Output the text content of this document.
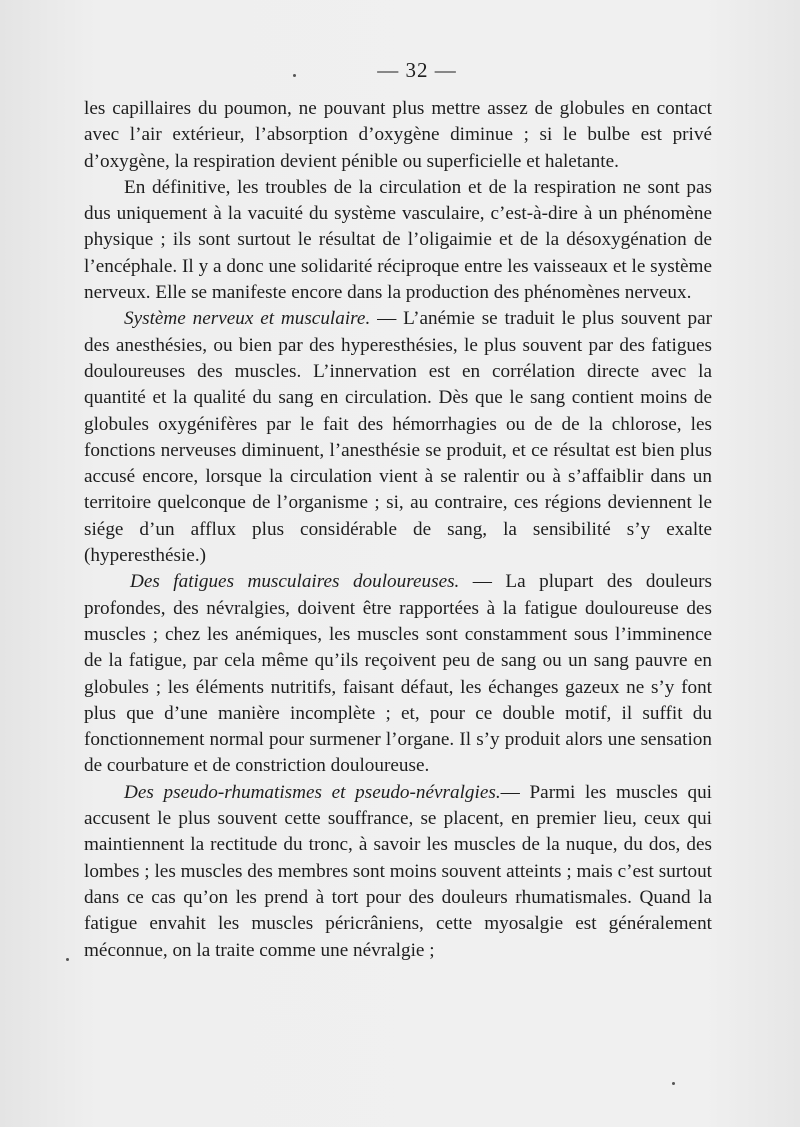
— 32 —

les capillaires du poumon, ne pouvant plus mettre assez de globules en contact avec l’air extérieur, l’absorption d’oxygène diminue ; si le bulbe est privé d’oxygène, la respiration devient pénible ou superficielle et haletante.

En définitive, les troubles de la circulation et de la respiration ne sont pas dus uniquement à la vacuité du système vasculaire, c’est-à-dire à un phénomène physique ; ils sont surtout le résultat de l’oligaimie et de la désoxygénation de l’encéphale. Il y a donc une solidarité réciproque entre les vaisseaux et le système nerveux. Elle se manifeste encore dans la production des phénomènes nerveux.

Système nerveux et musculaire. — L’anémie se traduit le plus souvent par des anesthésies, ou bien par des hyperesthésies, le plus souvent par des fatigues douloureuses des muscles. L’innervation est en corrélation directe avec la quantité et la qualité du sang en circulation. Dès que le sang contient moins de globules oxygénifères par le fait des hémorrhagies ou de de la chlorose, les fonctions nerveuses diminuent, l’anesthésie se produit, et ce résultat est bien plus accusé encore, lorsque la circulation vient à se ralentir ou à s’affaiblir dans un territoire quelconque de l’organisme ; si, au contraire, ces régions deviennent le siége d’un afflux plus considérable de sang, la sensibilité s’y exalte (hyperesthésie.)

Des fatigues musculaires douloureuses. — La plupart des douleurs profondes, des névralgies, doivent être rapportées à la fatigue douloureuse des muscles ; chez les anémiques, les muscles sont constamment sous l’imminence de la fatigue, par cela même qu’ils reçoivent peu de sang ou un sang pauvre en globules ; les éléments nutritifs, faisant défaut, les échanges gazeux ne s’y font plus que d’une manière incomplète ; et, pour ce double motif, il suffit du fonctionnement normal pour surmener l’organe. Il s’y produit alors une sensation de courbature et de constriction douloureuse.

Des pseudo-rhumatismes et pseudo-névralgies.— Parmi les muscles qui accusent le plus souvent cette souffrance, se placent, en premier lieu, ceux qui maintiennent la rectitude du tronc, à savoir les muscles de la nuque, du dos, des lombes ; les muscles des membres sont moins souvent atteints ; mais c’est surtout dans ce cas qu’on les prend à tort pour des douleurs rhumatismales. Quand la fatigue envahit les muscles péricrâniens, cette myosalgie est généralement méconnue, on la traite comme une névralgie ;
